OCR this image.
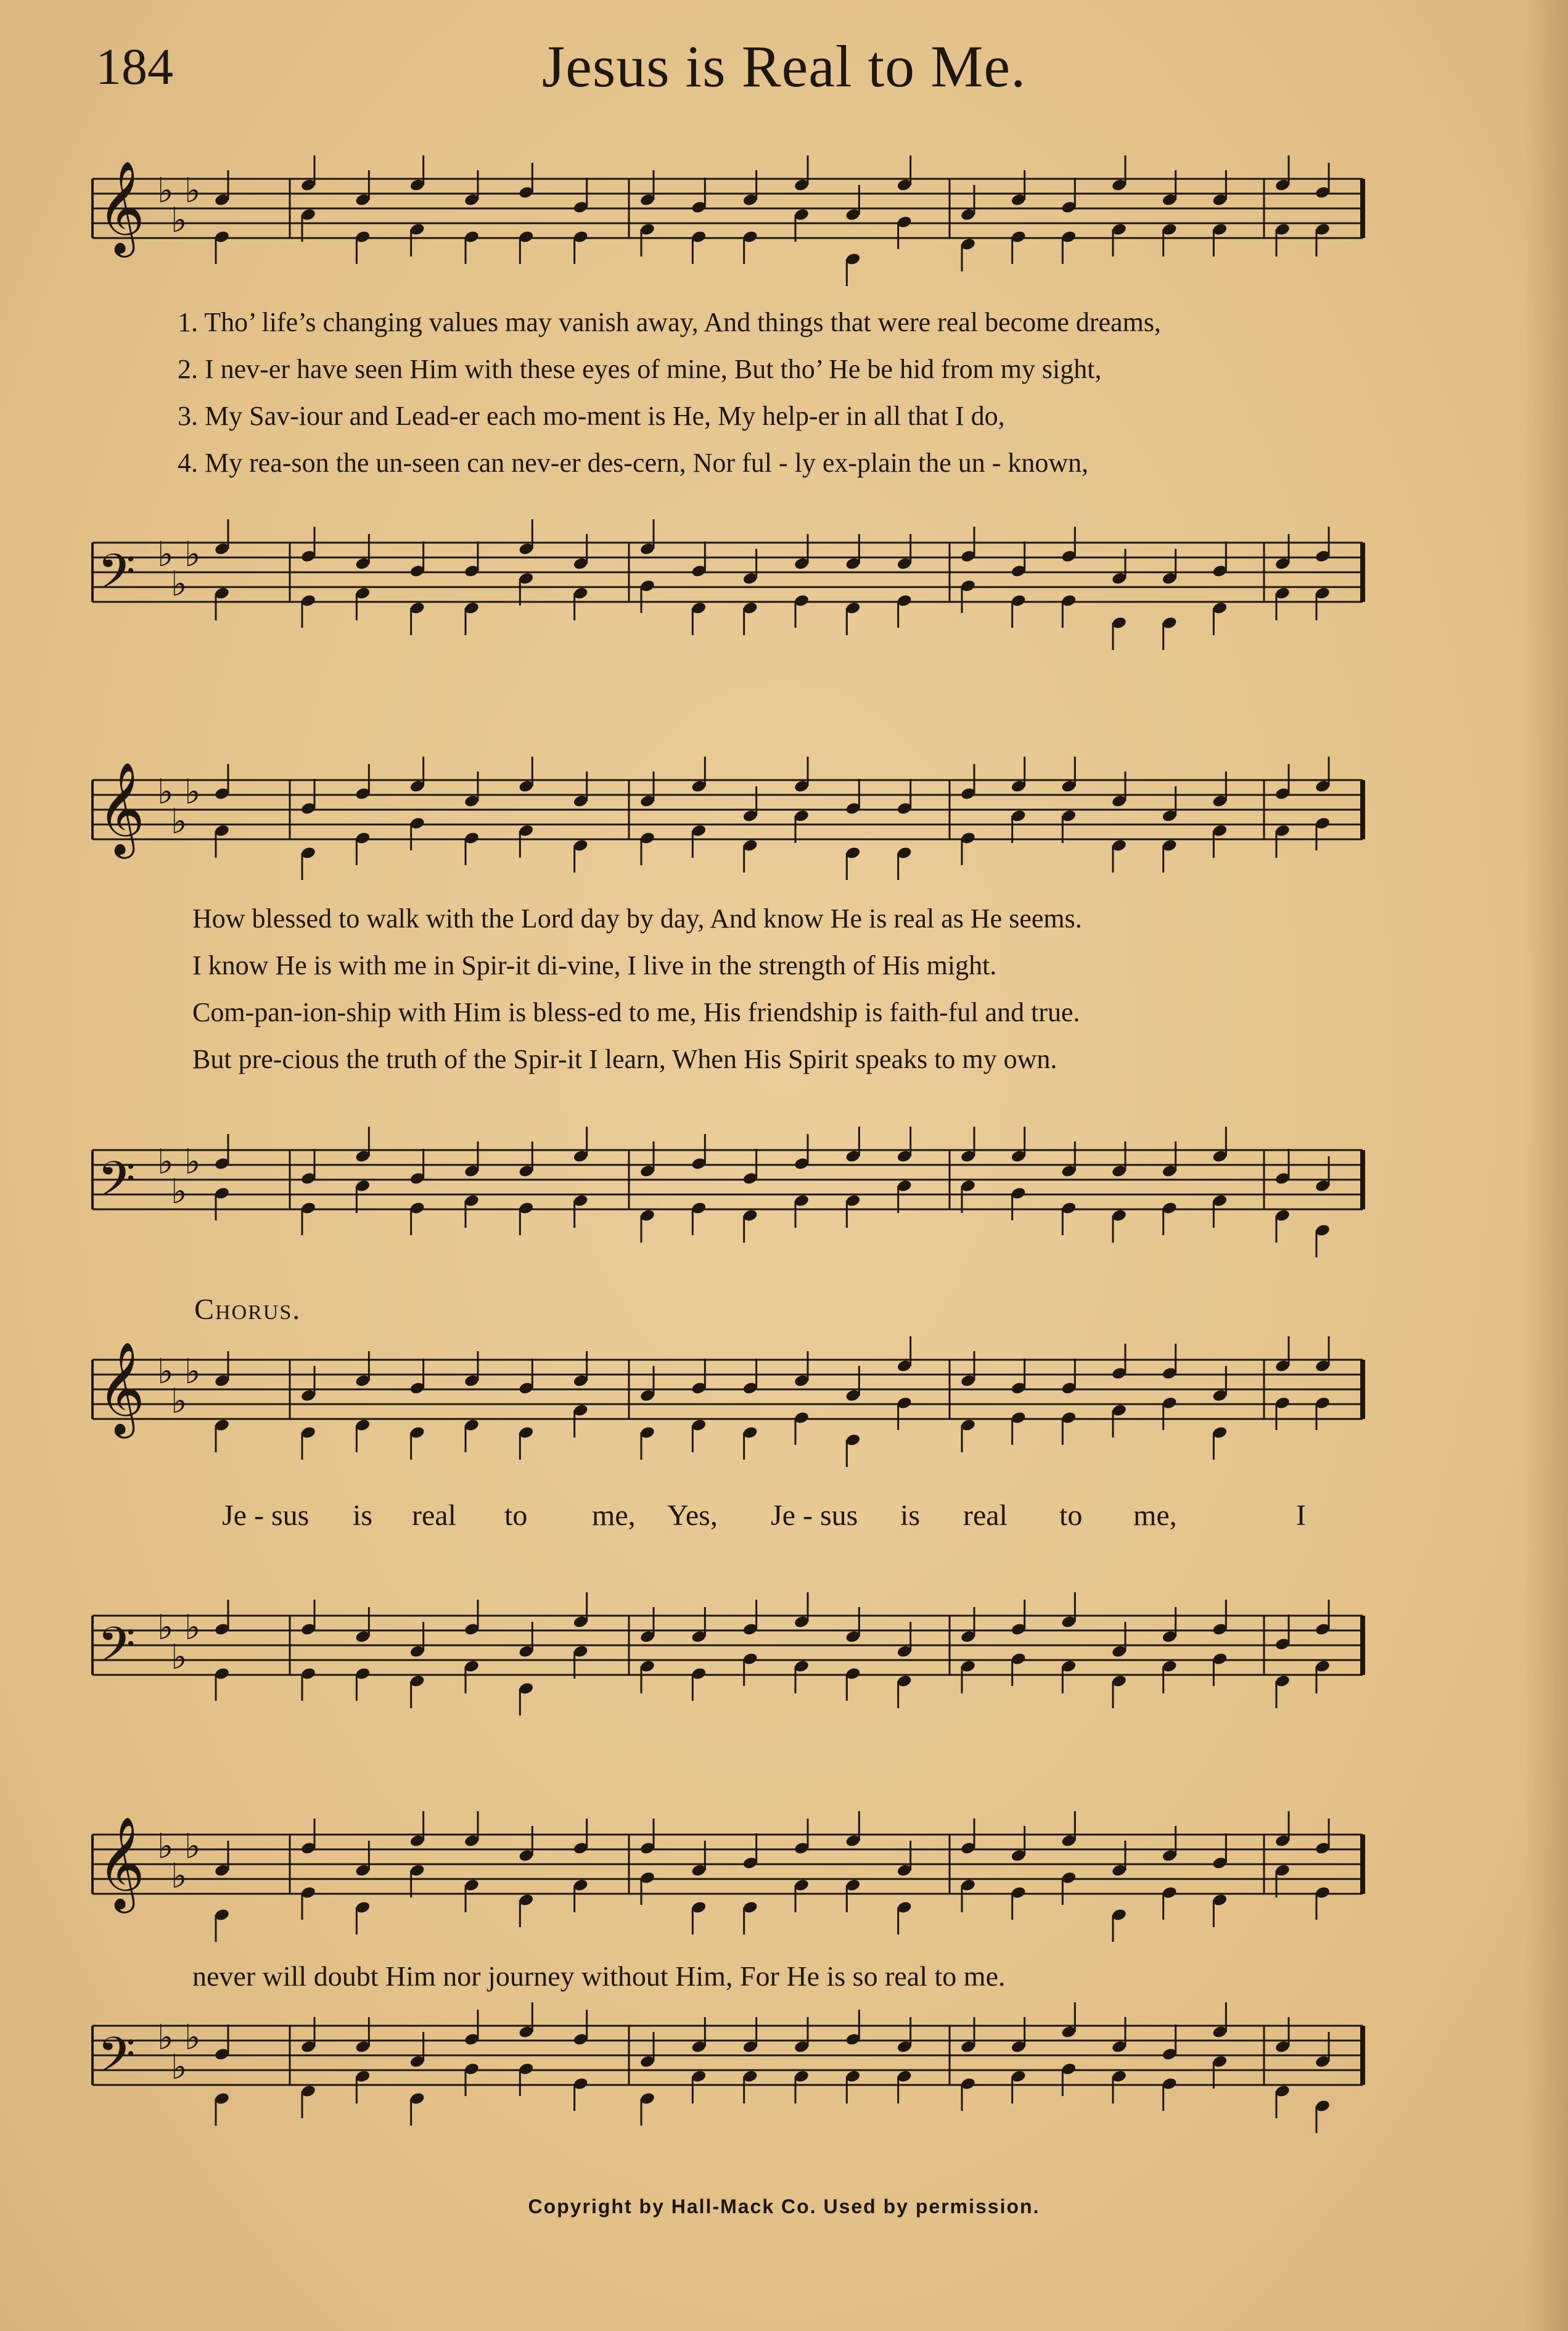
184	Jesus is Real to Me.
𝄞 ♭
♭
♭
𝄢 ♭
♭
♭
𝄞 ♭
♭
♭
𝄢 ♭
♭
♭
𝄞 ♭
♭
♭
𝄢 ♭
♭
♭
𝄞 ♭
♭
♭
𝄢 ♭
♭
♭
1. Tho’ life’s changing values may vanish away, And things that were real become dreams,
2. I nev-er have seen Him with these eyes of mine, But tho’ He be hid from my sight,
3. My Sav-iour and Lead-er each mo-ment is He, My help-er in all that I do,
4. My rea-son the un-seen can nev-er des-cern, Nor ful - ly ex-plain the un - known,
How blessed to walk with the Lord day by day, And know He is real as He seems.
I know He is with me in Spir-it di-vine, I live in the strength of His might.
Com-pan-ion-ship with Him is bless-ed to me, His friendship is faith-ful and true.
But pre-cious the truth of the Spir-it I learn, When His Spirit speaks to my own.
Chorus.
Je - sus is real to me, Yes, Je - sus is real to me,	I
never will doubt Him nor journey without Him, For He is so real to me.
Copyright by Hall-Mack Co. Used by permission.
